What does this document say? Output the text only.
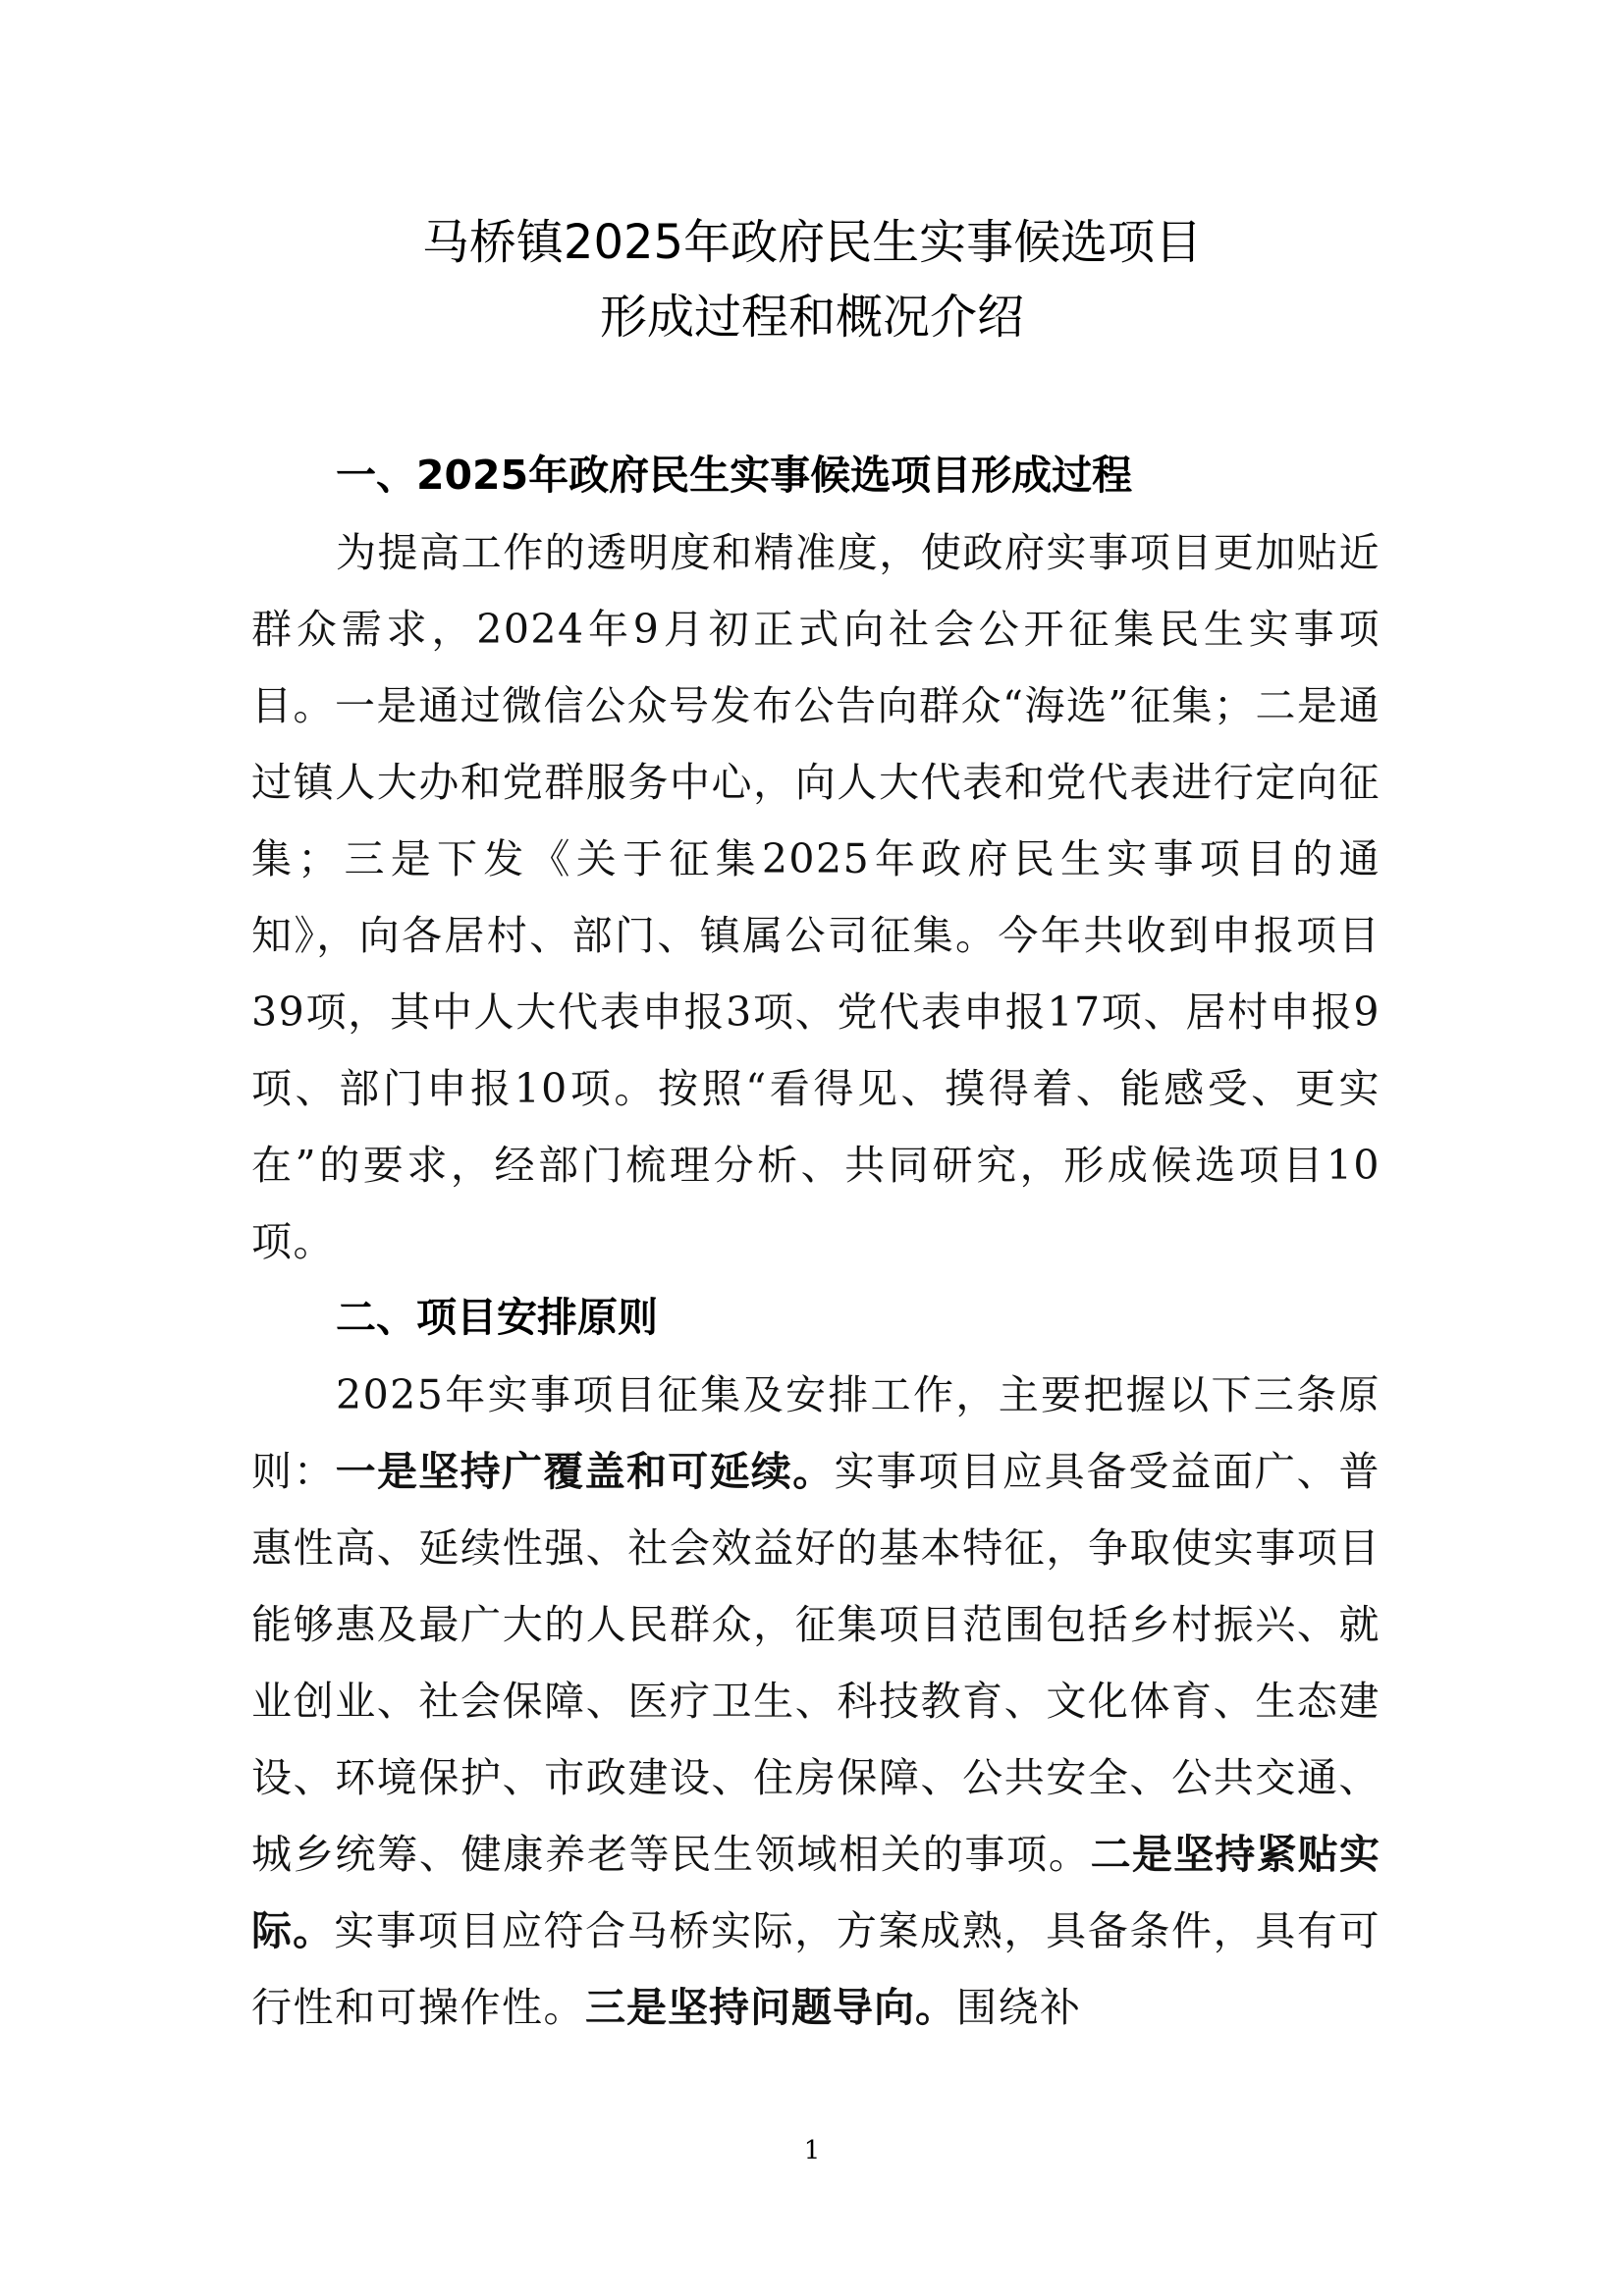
马桥镇2025年政府民生实事候选项目
形成过程和概况介绍
一、2025年政府民生实事候选项目形成过程

为提高工作的透明度和精准度，使政府实事项目更加贴近群众需求，2024年9月初正式向社会公开征集民生实事项目。一是通过微信公众号发布公告向群众“海选”征集；二是通过镇人大办和党群服务中心，向人大代表和党代表进行定向征集；三是下发《关于征集2025年政府民生实事项目的通知》，向各居村、部门、镇属公司征集。今年共收到申报项目39项，其中人大代表申报3项、党代表申报17项、居村申报9项、部门申报10项。按照“看得见、摸得着、能感受、更实在”的要求，经部门梳理分析、共同研究，形成候选项目10项。

二、项目安排原则

2025年实事项目征集及安排工作，主要把握以下三条原则：一是坚持广覆盖和可延续。实事项目应具备受益面广、普惠性高、延续性强、社会效益好的基本特征，争取使实事项目能够惠及最广大的人民群众，征集项目范围包括乡村振兴、就业创业、社会保障、医疗卫生、科技教育、文化体育、生态建设、环境保护、市政建设、住房保障、公共安全、公共交通、城乡统筹、健康养老等民生领域相关的事项。二是坚持紧贴实际。实事项目应符合马桥实际，方案成熟，具备条件，具有可行性和可操作性。三是坚持问题导向。围绕补

1
